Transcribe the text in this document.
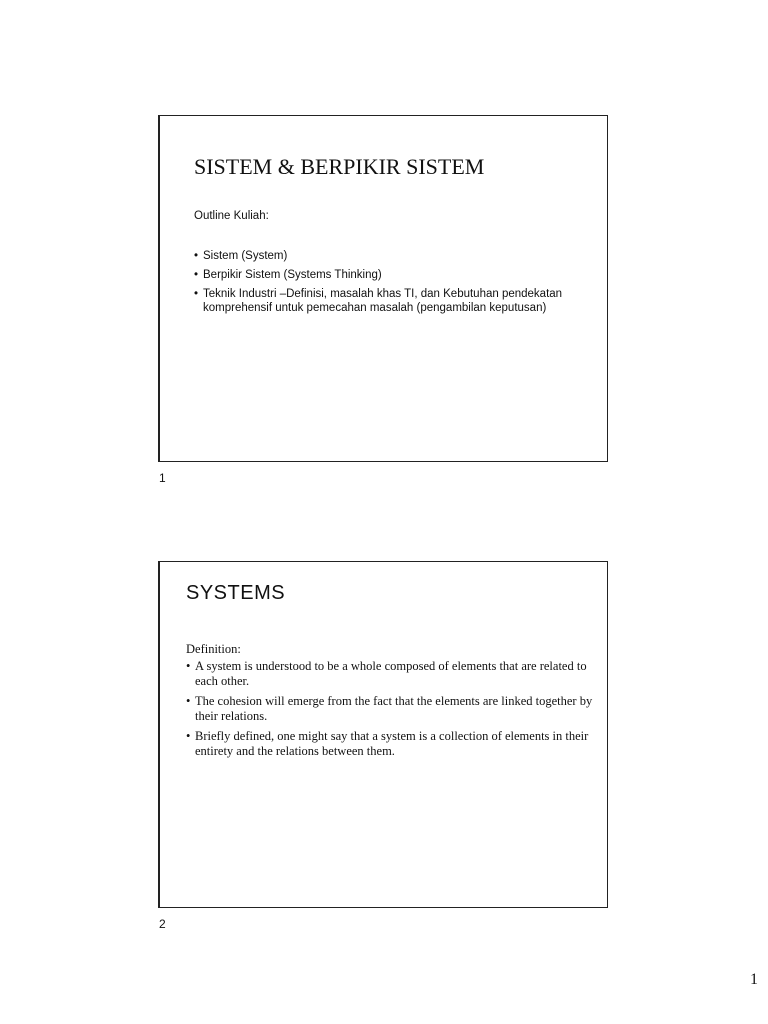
SISTEM & BERPIKIR SISTEM
Outline Kuliah:
• Sistem (System)
• Berpikir Sistem (Systems Thinking)
• Teknik Industri –Definisi, masalah khas TI, dan Kebutuhan pendekatan komprehensif untuk pemecahan masalah (pengambilan keputusan)
1
SYSTEMS
Definition:
• A system is understood to be a whole composed of elements that are related to each other.
• The cohesion will emerge from the fact that the elements are linked together by their relations.
• Briefly defined, one might say that a system is a collection of elements in their entirety and the relations between them.
2
1
